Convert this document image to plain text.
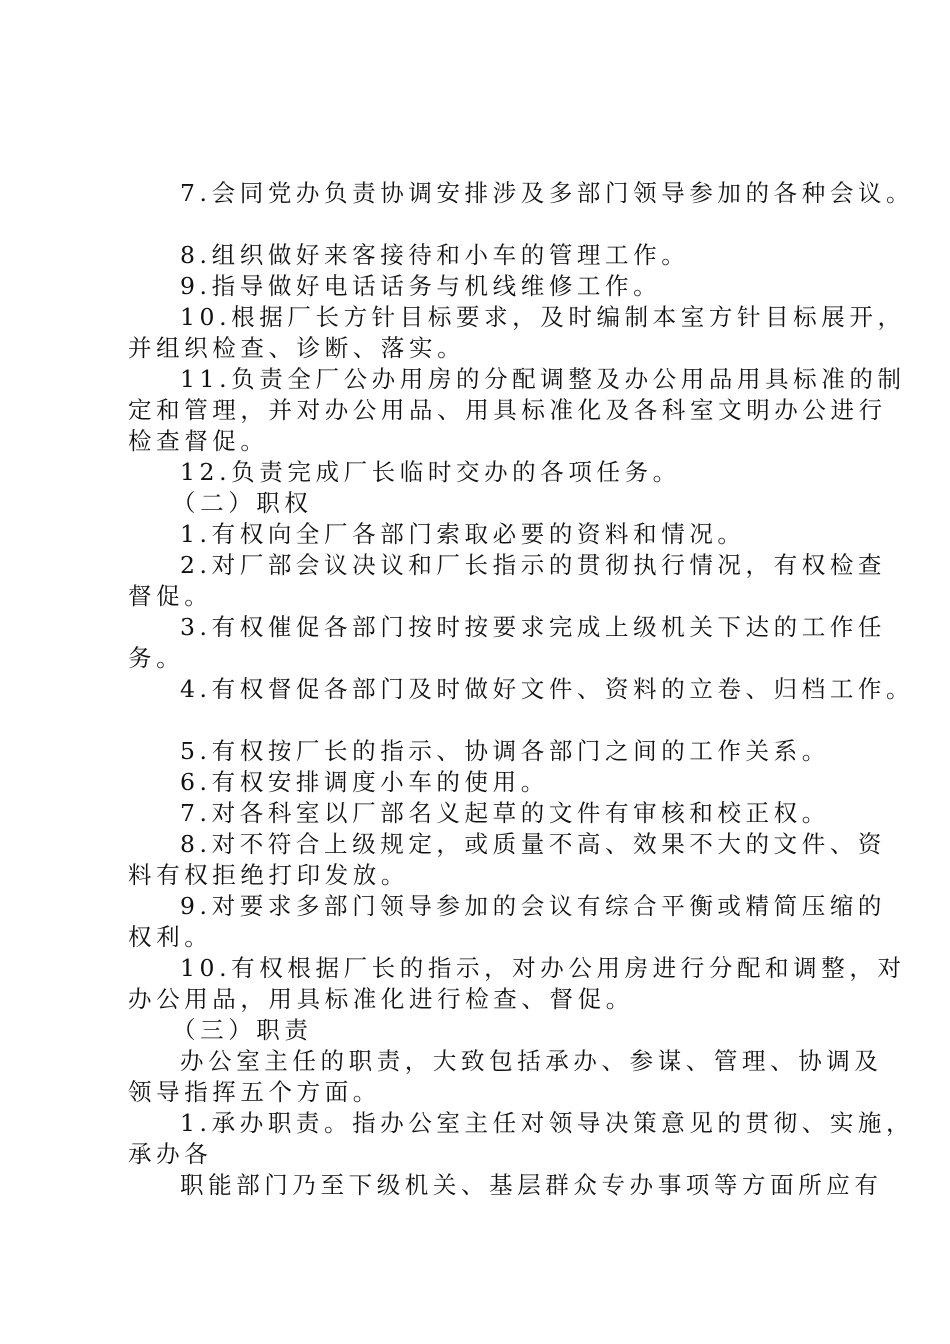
7.会同党办负责协调安排涉及多部门领导参加的各种会议。
8.组织做好来客接待和小车的管理工作。
9.指导做好电话话务与机线维修工作。
10.根据厂长方针目标要求，及时编制本室方针目标展开，
并组织检查、诊断、落实。
11.负责全厂公办用房的分配调整及办公用品用具标准的制
定和管理，并对办公用品、用具标准化及各科室文明办公进行
检查督促。
12.负责完成厂长临时交办的各项任务。
（二）职权
1.有权向全厂各部门索取必要的资料和情况。
2.对厂部会议决议和厂长指示的贯彻执行情况，有权检查
督促。
3.有权催促各部门按时按要求完成上级机关下达的工作任
务。
4.有权督促各部门及时做好文件、资料的立卷、归档工作。
5.有权按厂长的指示、协调各部门之间的工作关系。
6.有权安排调度小车的使用。
7.对各科室以厂部名义起草的文件有审核和校正权。
8.对不符合上级规定，或质量不高、效果不大的文件、资
料有权拒绝打印发放。
9.对要求多部门领导参加的会议有综合平衡或精简压缩的
权利。
10.有权根据厂长的指示，对办公用房进行分配和调整，对
办公用品，用具标准化进行检查、督促。
（三）职责
办公室主任的职责，大致包括承办、参谋、管理、协调及
领导指挥五个方面。
1.承办职责。指办公室主任对领导决策意见的贯彻、实施，
承办各
职能部门乃至下级机关、基层群众专办事项等方面所应有
